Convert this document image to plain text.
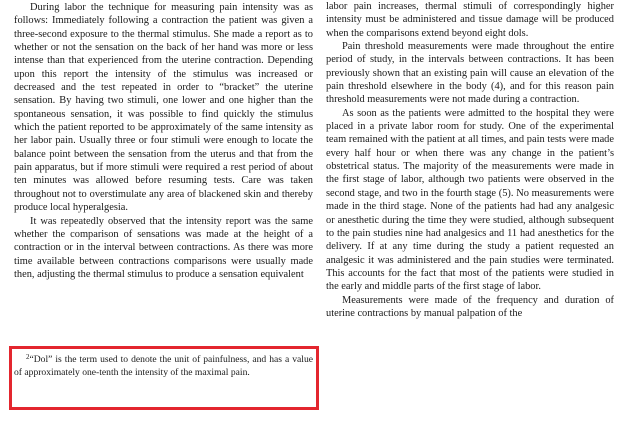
During labor the technique for measuring pain intensity was as follows: Immediately following a contraction the patient was given a three-second exposure to the thermal stimulus. She made a report as to whether or not the sensation on the back of her hand was more or less intense than that experienced from the uterine contraction. Depending upon this report the intensity of the stimulus was increased or decreased and the test repeated in order to “bracket” the uterine sensation. By having two stimuli, one lower and one higher than the spontaneous sensation, it was possible to find quickly the stimulus which the patient reported to be approximately of the same intensity as her labor pain. Usually three or four stimuli were enough to locate the balance point between the sensation from the uterus and that from the pain apparatus, but if more stimuli were required a rest period of about ten minutes was allowed before resuming tests. Care was taken throughout not to overstimulate any area of blackened skin and thereby produce local hyperalgesia.

It was repeatedly observed that the intensity report was the same whether the comparison of sensations was made at the height of a contraction or in the interval between contractions. As there was more time available between contractions comparisons were usually made then, adjusting the thermal stimulus to produce a sensation equivalent

$^2$“Dol” is the term used to denote the unit of painfulness, and has a value of approximately one-tenth the intensity of the maximal pain.

labor pain increases, thermal stimuli of correspondingly higher intensity must be administered and tissue damage will be produced when the comparisons extend beyond eight dols.

Pain threshold measurements were made throughout the entire period of study, in the intervals between contractions. It has been previously shown that an existing pain will cause an elevation of the pain threshold elsewhere in the body (4), and for this reason pain threshold measurements were not made during a contraction.

As soon as the patients were admitted to the hospital they were placed in a private labor room for study. One of the experimental team remained with the patient at all times, and pain tests were made every half hour or when there was any change in the patient’s obstetrical status. The majority of the measurements were made in the first stage of labor, although two patients were observed in the second stage, and two in the fourth stage (5). No measurements were made in the third stage. None of the patients had had any analgesic or anesthetic during the time they were studied, although subsequent to the pain studies nine had analgesics and 11 had anesthetics for the delivery. If at any time during the study a patient requested an analgesic it was administered and the pain studies were terminated. This accounts for the fact that most of the patients were studied in the early and middle parts of the first stage of labor.

Measurements were made of the frequency and duration of uterine contractions by manual palpation of the
